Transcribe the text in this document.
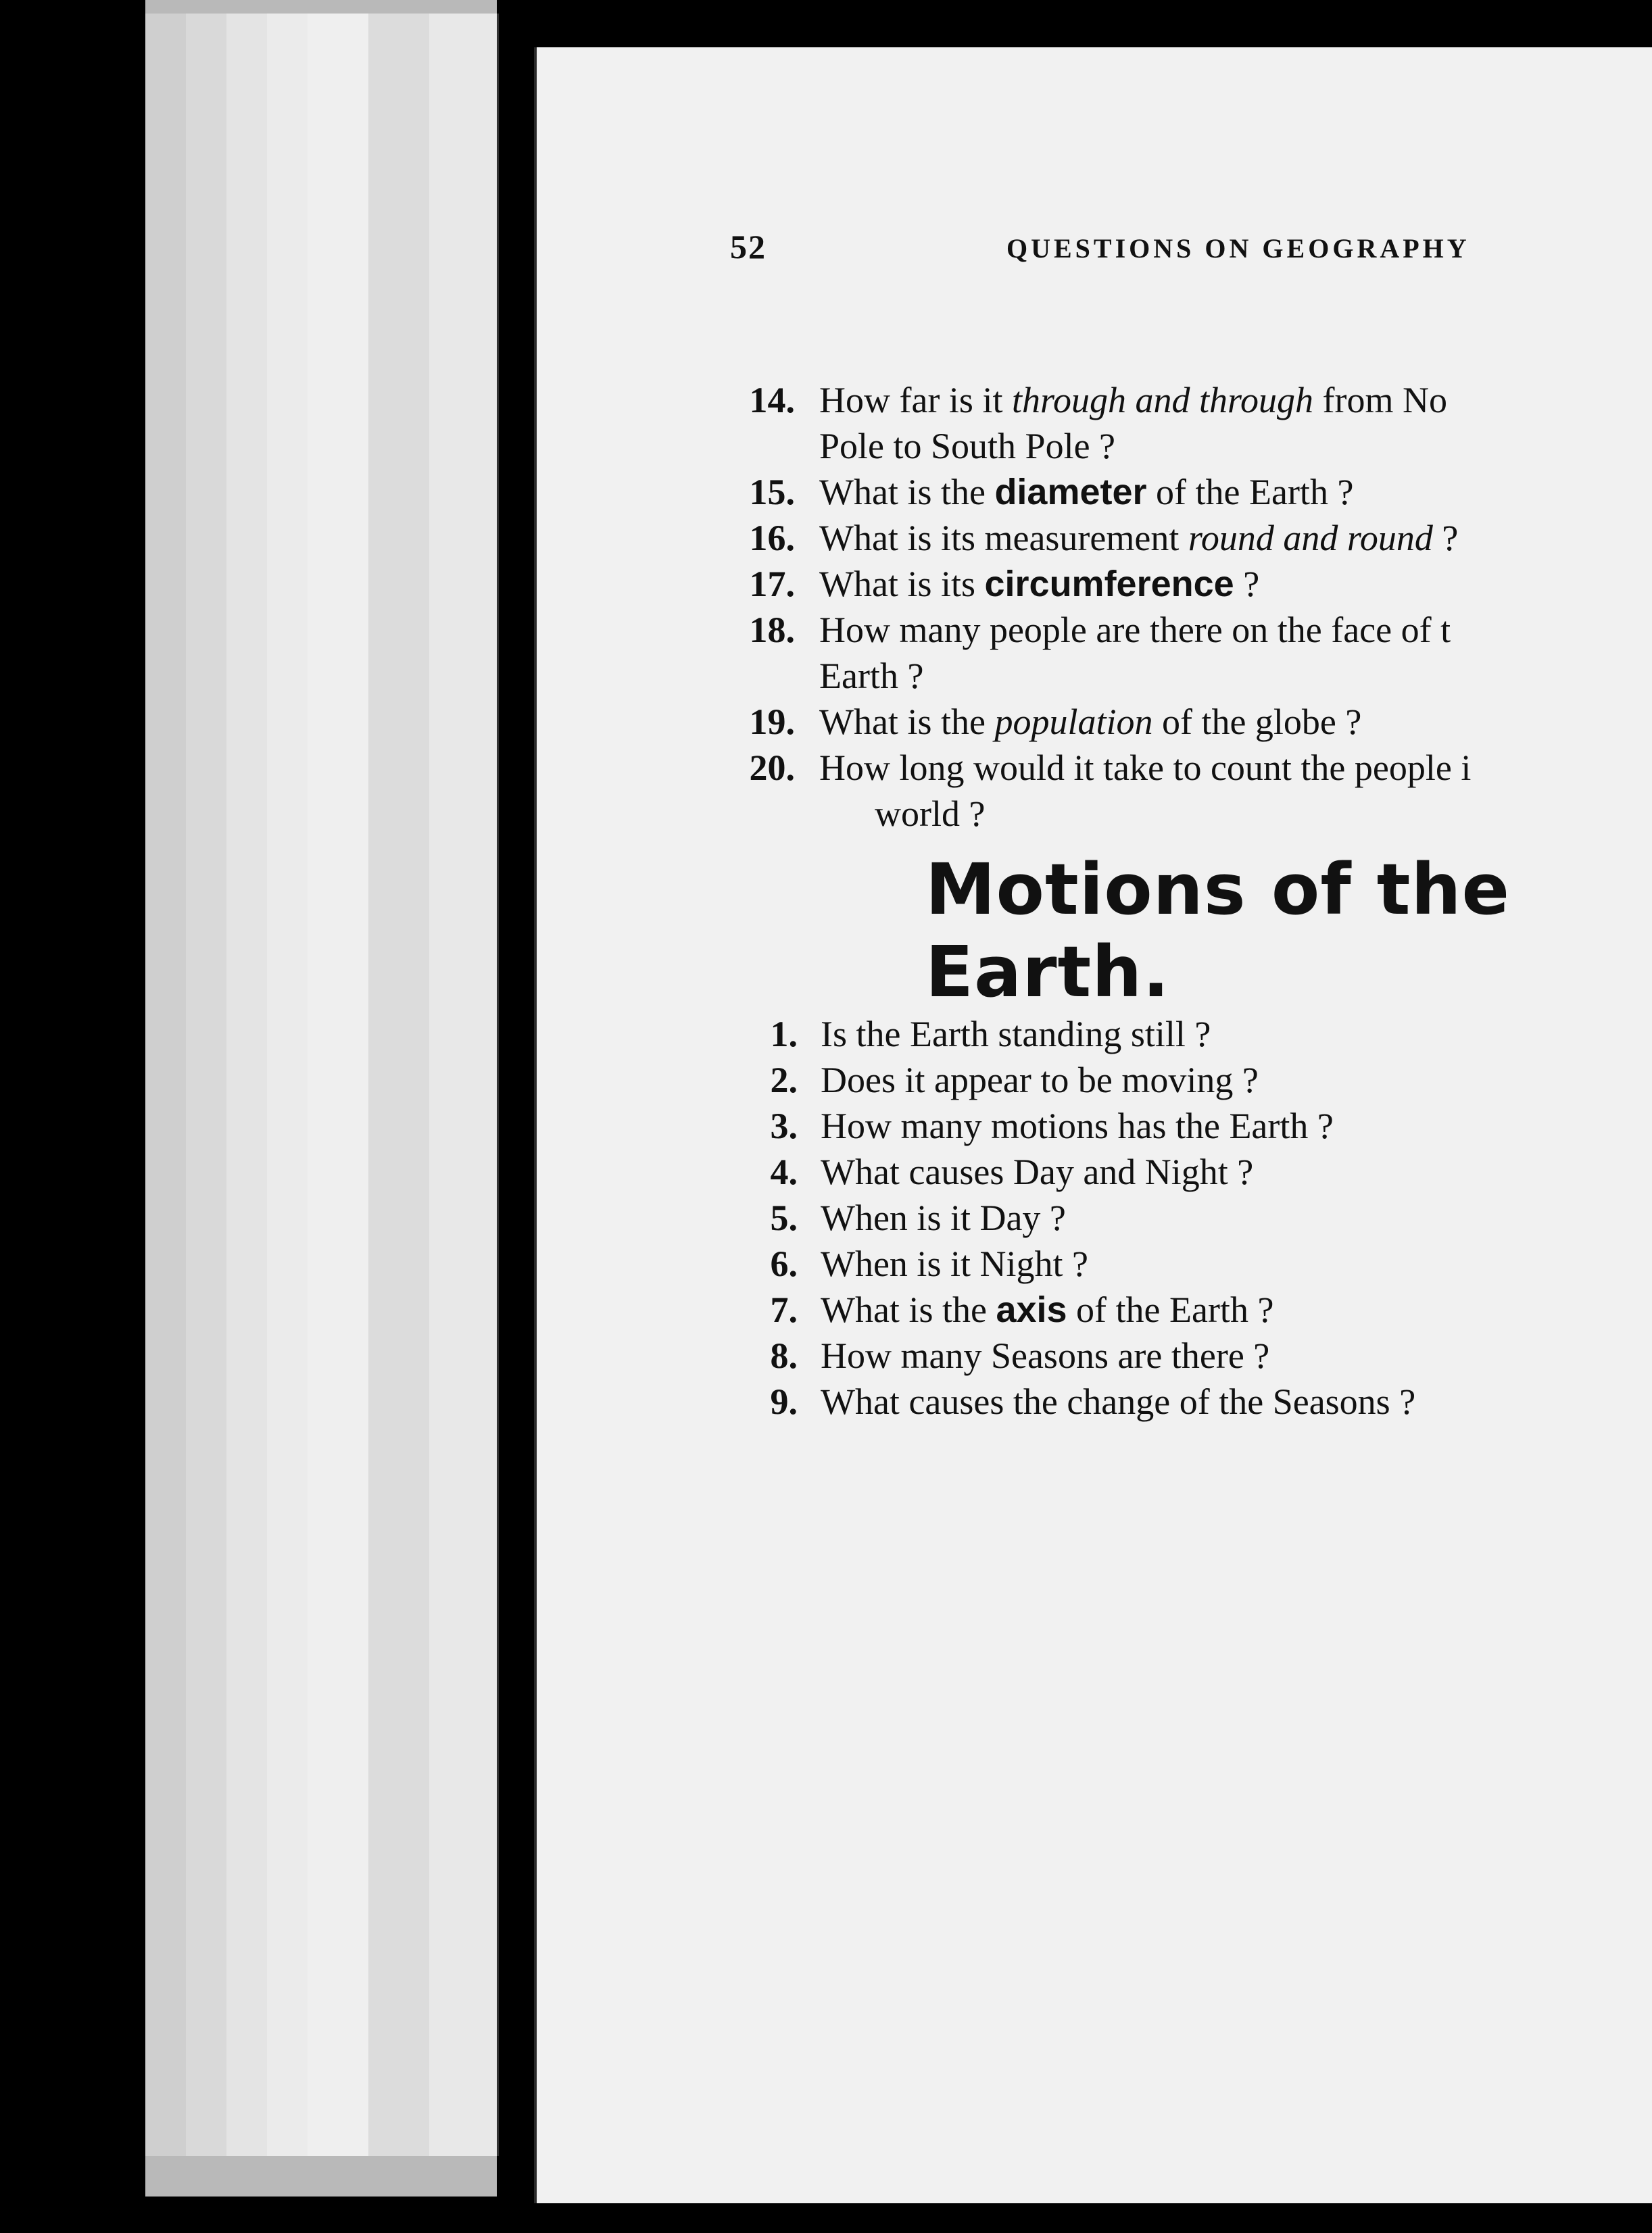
52	QUESTIONS ON GEOGRAPHY
14. How far is it through and through from No
Pole to South Pole ?
15. What is the diameter of the Earth ?
16. What is its measurement round and round ?
17. What is its circumference ?
18. How many people are there on the face of t
Earth ?
19. What is the population of the globe ?
20. How long would it take to count the people i
world ?
Motions of the Earth.
1. Is the Earth standing still ?
2. Does it appear to be moving ?
3. How many motions has the Earth ?
4. What causes Day and Night ?
5. When is it Day ?
6. When is it Night ?
7. What is the axis of the Earth ?
8. How many Seasons are there ?
9. What causes the change of the Seasons ?
